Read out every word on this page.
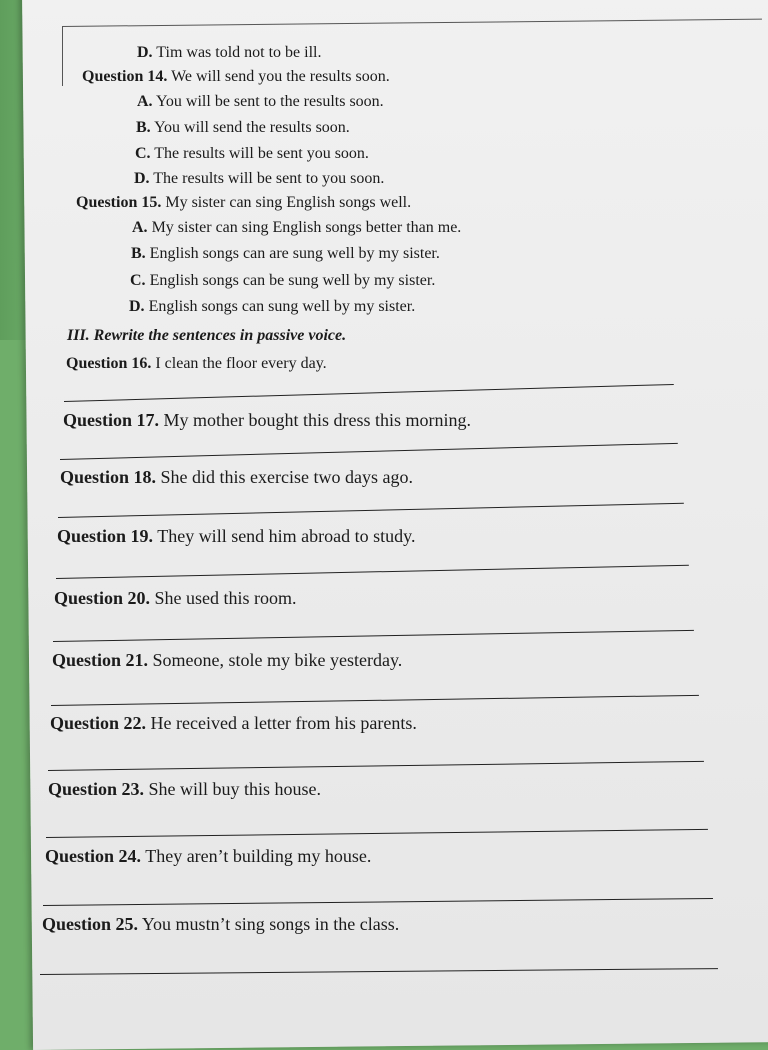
D. Tim was told not to be ill.
Question 14. We will send you the results soon.
A. You will be sent to the results soon.
B. You will send the results soon.
C. The results will be sent you soon.
D. The results will be sent to you soon.
Question 15. My sister can sing English songs well.
A. My sister can sing English songs better than me.
B. English songs can are sung well by my sister.
C. English songs can be sung well by my sister.
D. English songs can sung well by my sister.
III. Rewrite the sentences in passive voice.
Question 16. I clean the floor every day.
Question 17. My mother bought this dress this morning.
Question 18. She did this exercise two days ago.
Question 19. They will send him abroad to study.
Question 20. She used this room.
Question 21. Someone, stole my bike yesterday.
Question 22. He received a letter from his parents.
Question 23. She will buy this house.
Question 24. They aren’t building my house.
Question 25. You mustn’t sing songs in the class.
